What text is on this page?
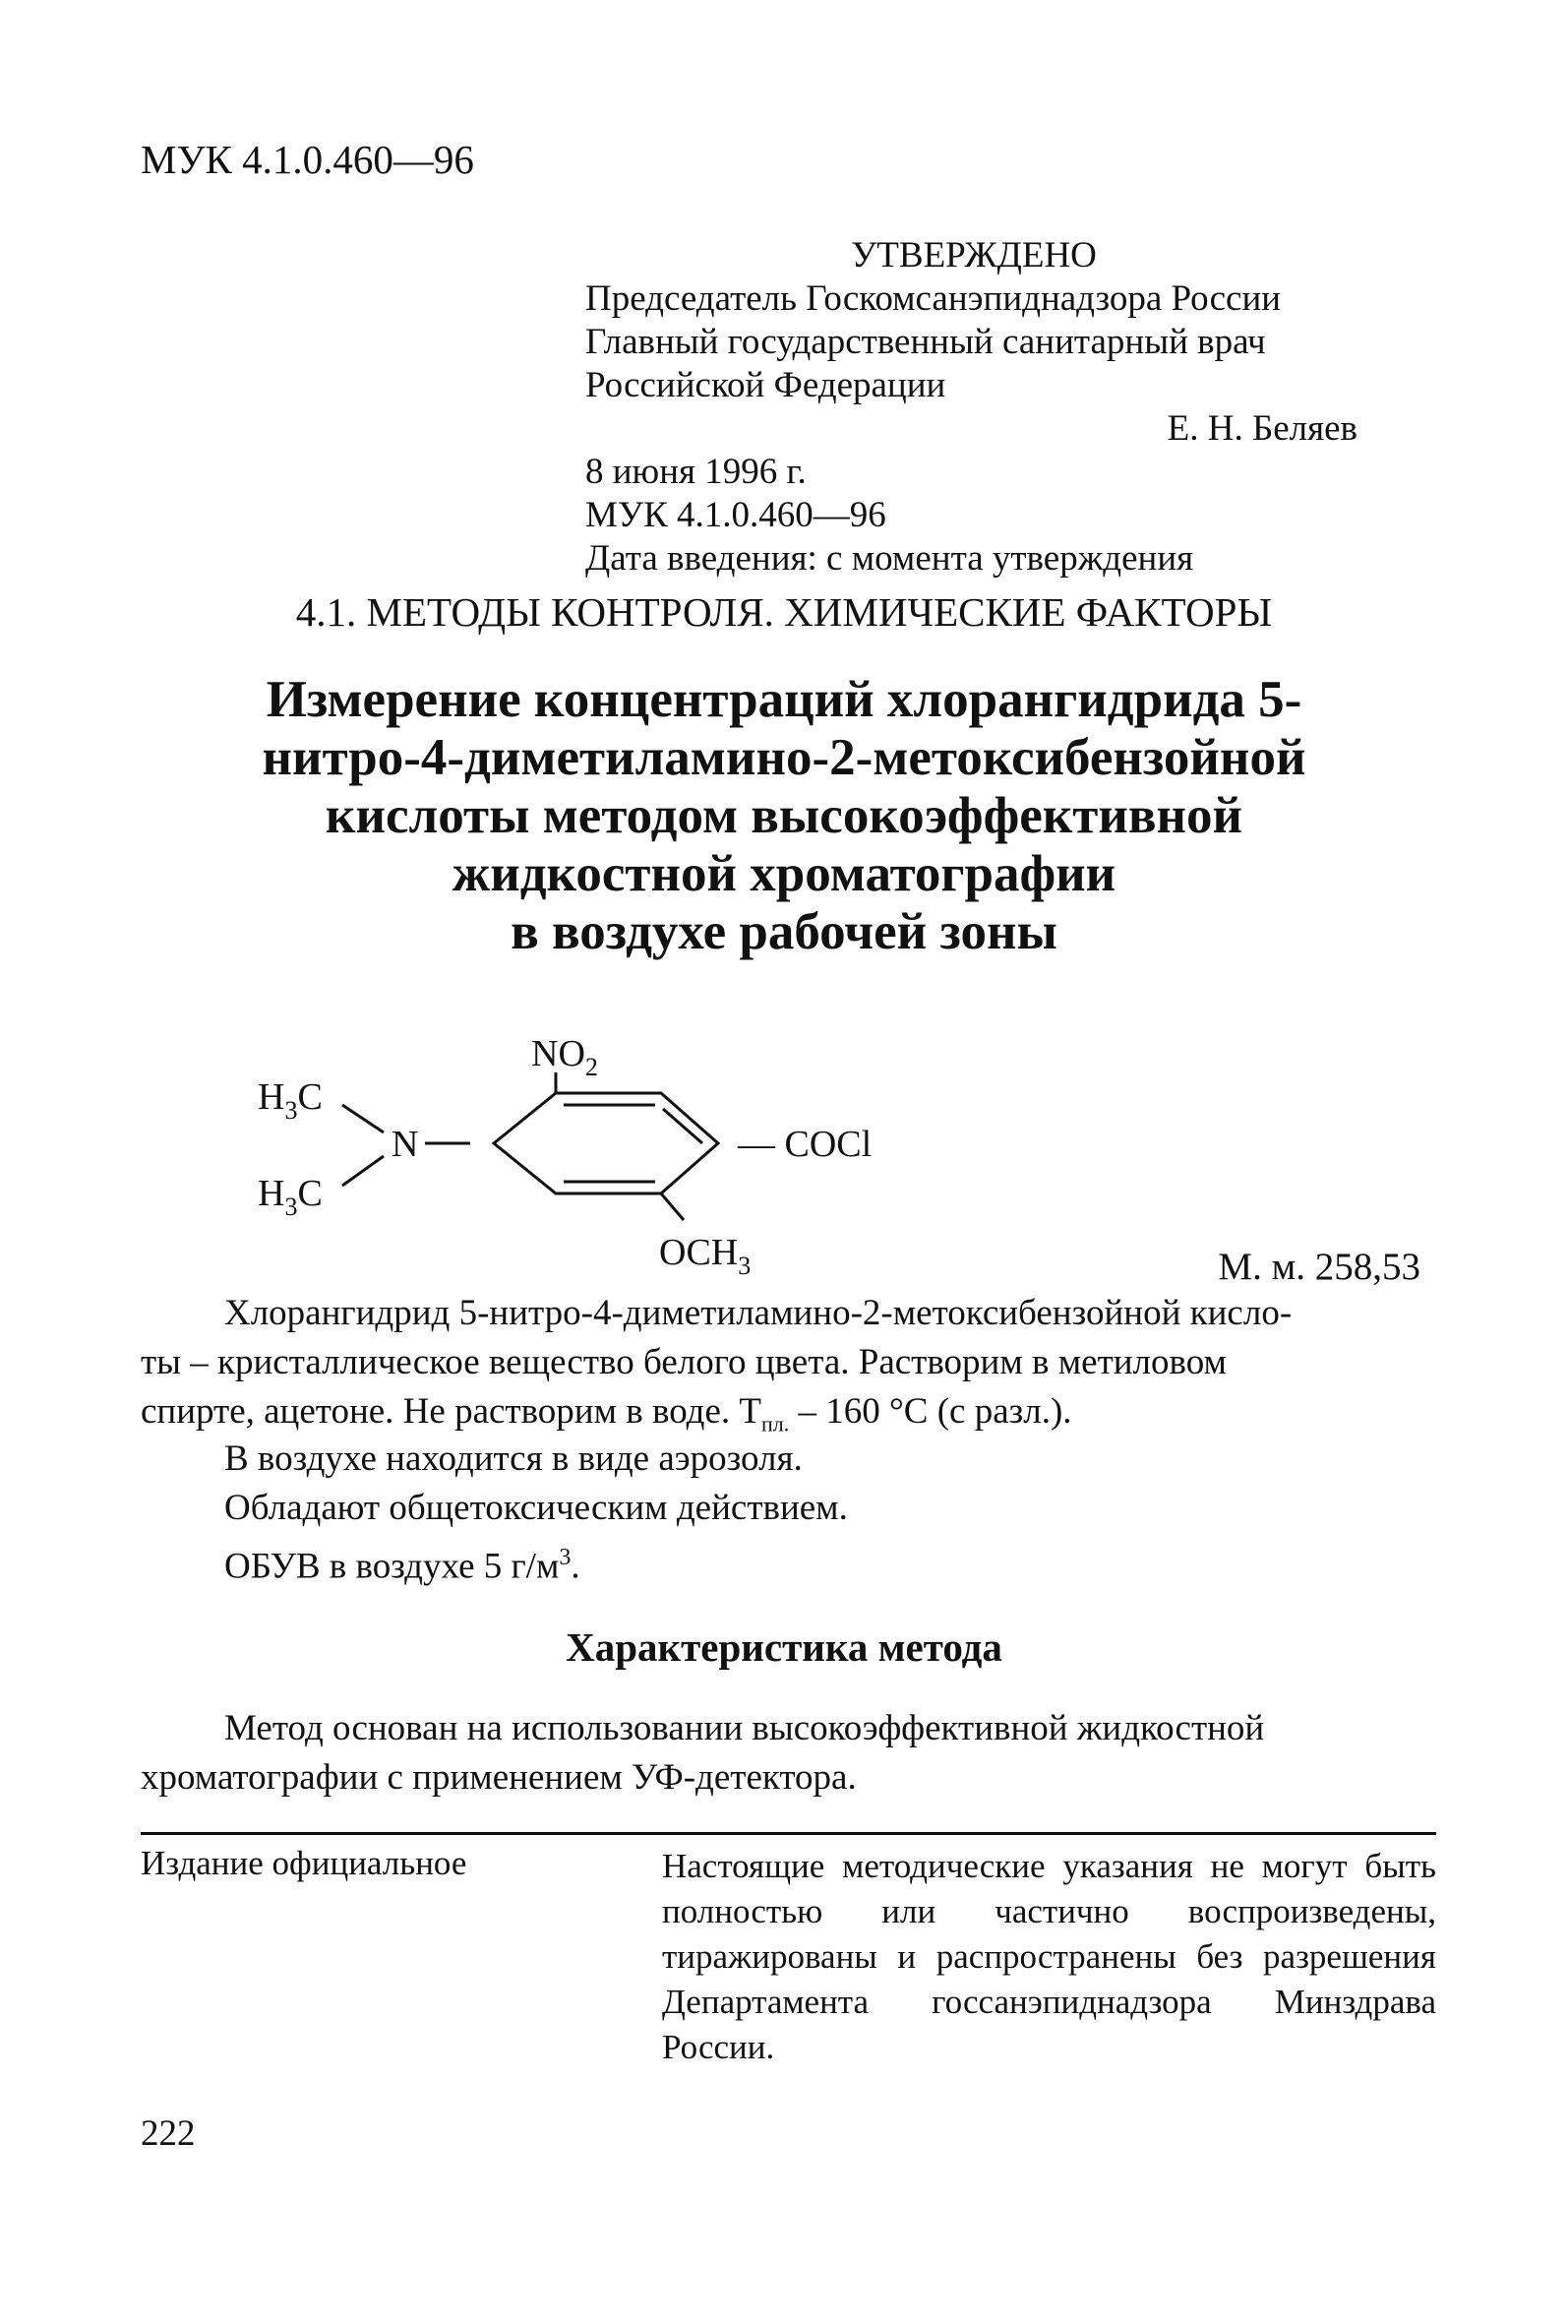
МУК 4.1.0.460—96
УТВЕРЖДЕНО
Председатель Госкомсанэпиднадзора России
Главный государственный санитарный врач
Российской Федерации
Е. Н. Беляев
8 июня 1996 г.
МУК 4.1.0.460—96
Дата введения: с момента утверждения
4.1. МЕТОДЫ КОНТРОЛЯ. ХИМИЧЕСКИЕ ФАКТОРЫ
Измерение концентраций хлорангидрида 5-
нитро-4-диметиламино-2-метоксибензойной
кислоты методом высокоэффективной
жидкостной хроматографии
в воздухе рабочей зоны
$H_3C$
$H_3C$
N
$NO_2$
— COCl
$OCH_3$	М. м. 258,53
Хлорангидрид 5-нитро-4-диметиламино-2-метоксибензойной кисло-
ты – кристаллическое вещество белого цвета. Растворим в метиловом
спирте, ацетоне. Не растворим в воде. $Т_{пл.} - 160$ °С (с разл.).
В воздухе находится в виде аэрозоля.
Обладают общетоксическим действием.
ОБУВ в воздухе 5 $г/м^3$.
Характеристика метода
Метод основан на использовании высокоэффективной жидкостной
хроматографии с применением УФ-детектора.
Издание официальное	Настоящие методические указания не могут быть полностью или частично воспроизведены, тиражированы и распространены без разрешения Департамента госсанэпиднадзора Минздрава России.
222
